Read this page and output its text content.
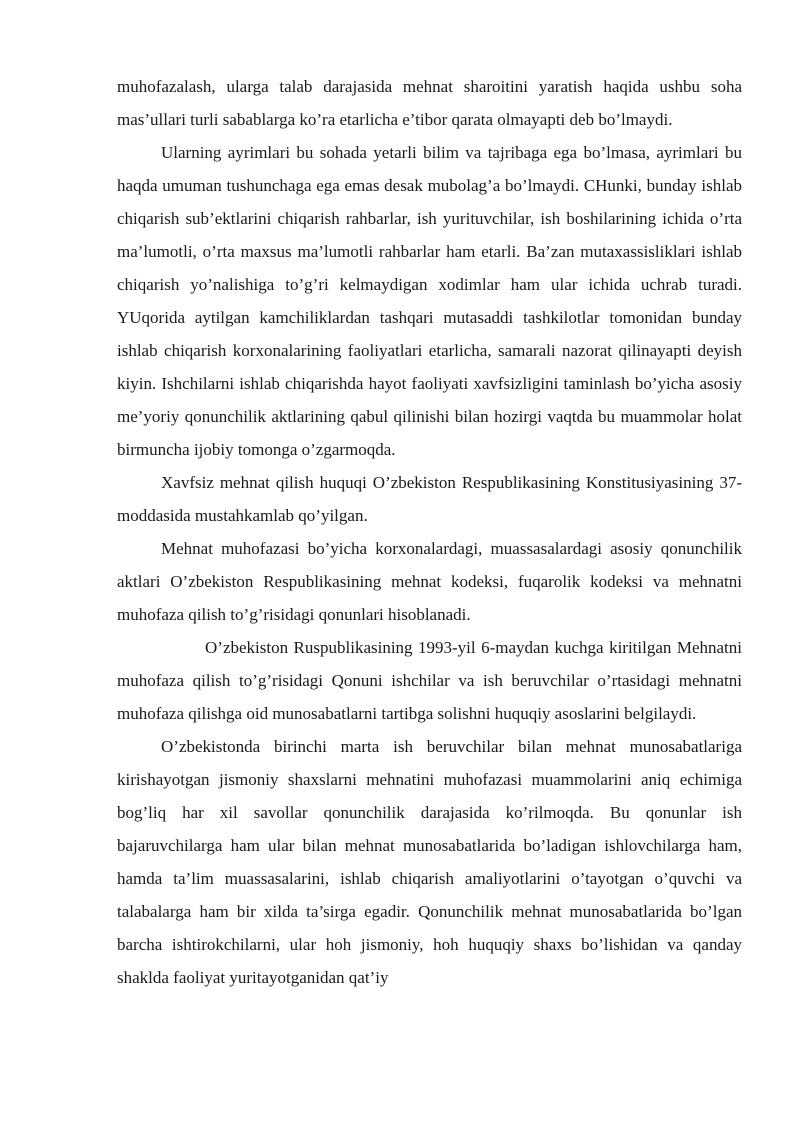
muhofazalash, ularga talab darajasida mehnat sharoitini yaratish haqida ushbu soha mas’ullari turli sabablarga ko’ra etarlicha e’tibor qarata olmayapti deb bo’lmaydi.

Ularning ayrimlari bu sohada yetarli bilim va tajribaga ega bo’lmasa, ayrimlari bu haqda umuman tushunchaga ega emas desak mubolag’a bo’lmaydi. CHunki, bunday ishlab chiqarish sub’ektlarini chiqarish rahbarlar, ish yurituvchilar, ish boshilarining ichida o’rta ma’lumotli, o’rta maxsus ma’lumotli rahbarlar ham etarli. Ba’zan mutaxassisliklari ishlab chiqarish yo’nalishiga to’g’ri kelmaydigan xodimlar ham ular ichida uchrab turadi. YUqorida aytilgan kamchiliklardan tashqari mutasaddi tashkilotlar tomonidan bunday ishlab chiqarish korxonalarining faoliyatlari etarlicha, samarali nazorat qilinayapti deyish kiyin. Ishchilarni ishlab chiqarishda hayot faoliyati xavfsizligini taminlash bo’yicha asosiy me’yoriy qonunchilik aktlarining qabul qilinishi bilan hozirgi vaqtda bu muammolar holat birmuncha ijobiy tomonga o’zgarmoqda.

Xavfsiz mehnat qilish huquqi O’zbekiston Respublikasining Konstitusiyasining 37-moddasida mustahkamlab qo’yilgan.

Mehnat muhofazasi bo’yicha korxonalardagi, muassasalardagi asosiy qonunchilik aktlari O’zbekiston Respublikasining mehnat kodeksi, fuqarolik kodeksi va mehnatni muhofaza qilish to’g’risidagi qonunlari hisoblanadi.

O’zbekiston Ruspublikasining 1993-yil 6-maydan kuchga kiritilgan Mehnatni muhofaza qilish to’g’risidagi Qonuni ishchilar va ish beruvchilar o’rtasidagi mehnatni muhofaza qilishga oid munosabatlarni tartibga solishni huquqiy asoslarini belgilaydi.

O’zbekistonda birinchi marta ish beruvchilar bilan mehnat munosabatlariga kirishayotgan jismoniy shaxslarni mehnatini muhofazasi muammolarini aniq echimiga bog’liq har xil savollar qonunchilik darajasida ko’rilmoqda. Bu qonunlar ish bajaruvchilarga ham ular bilan mehnat munosabatlarida bo’ladigan ishlovchilarga ham, hamda ta’lim muassasalarini, ishlab chiqarish amaliyotlarini o’tayotgan o’quvchi va talabalarga ham bir xilda ta’sirga egadir. Qonunchilik mehnat munosabatlarida bo’lgan barcha ishtirokchilarni, ular hoh jismoniy, hoh huquqiy shaxs bo’lishidan va qanday shaklda faoliyat yuritayotganidan qat’iy
